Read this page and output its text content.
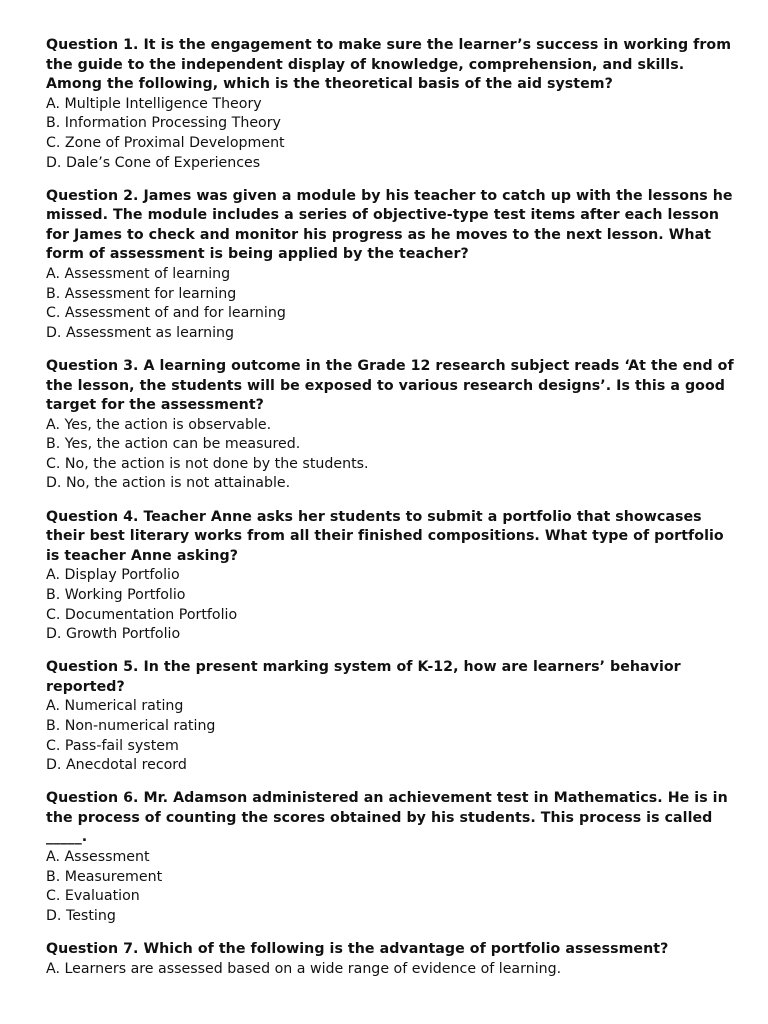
Question 1. It is the engagement to make sure the learner’s success in working from the guide to the independent display of knowledge, comprehension, and skills. Among the following, which is the theoretical basis of the aid system?

A. Multiple Intelligence Theory

B. Information Processing Theory

C. Zone of Proximal Development

D. Dale’s Cone of Experiences

Question 2. James was given a module by his teacher to catch up with the lessons he missed. The module includes a series of objective-type test items after each lesson for James to check and monitor his progress as he moves to the next lesson. What form of assessment is being applied by the teacher?

A. Assessment of learning

B. Assessment for learning

C. Assessment of and for learning

D. Assessment as learning

Question 3. A learning outcome in the Grade 12 research subject reads ‘At the end of the lesson, the students will be exposed to various research designs’. Is this a good target for the assessment?

A. Yes, the action is observable.

B. Yes, the action can be measured.

C. No, the action is not done by the students.

D. No, the action is not attainable.

Question 4. Teacher Anne asks her students to submit a portfolio that showcases their best literary works from all their finished compositions. What type of portfolio is teacher Anne asking?

A. Display Portfolio

B. Working Portfolio

C. Documentation Portfolio

D. Growth Portfolio

Question 5. In the present marking system of K-12, how are learners’ behavior reported?

A. Numerical rating

B. Non-numerical rating

C. Pass-fail system

D. Anecdotal record

Question 6. Mr. Adamson administered an achievement test in Mathematics. He is in the process of counting the scores obtained by his students. This process is called _____.

A. Assessment

B. Measurement

C. Evaluation

D. Testing

Question 7. Which of the following is the advantage of portfolio assessment?

A. Learners are assessed based on a wide range of evidence of learning.
